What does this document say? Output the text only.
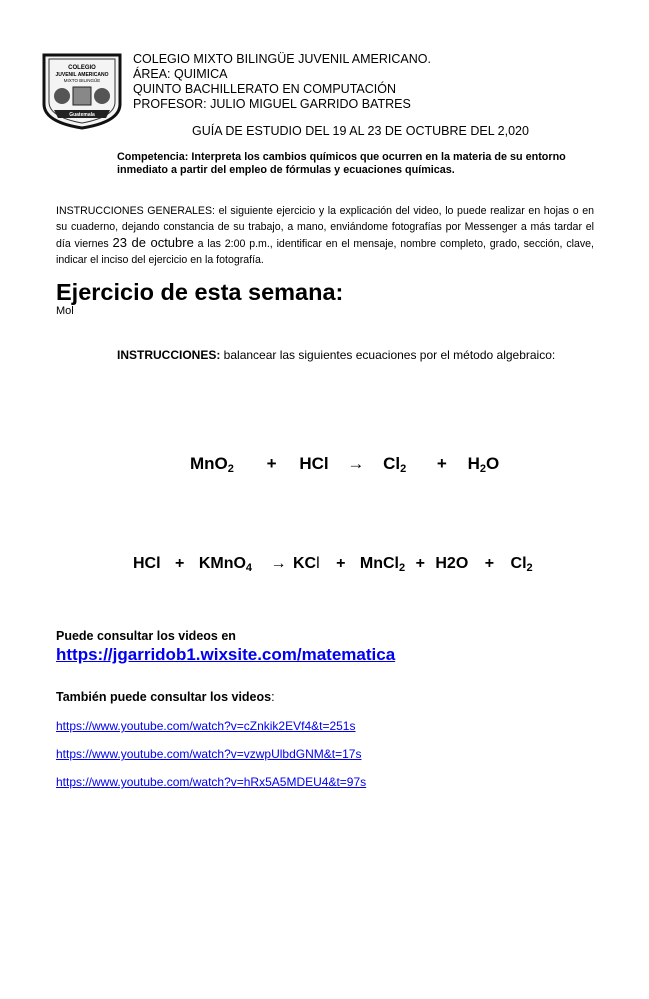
COLEGIO
JUVENIL AMERICANO
MIXTO BILINGÜE
Guatemala
COLEGIO MIXTO BILINGÜE JUVENIL AMERICANO.
ÁREA: QUIMICA
QUINTO BACHILLERATO EN COMPUTACIÓN
PROFESOR: JULIO MIGUEL GARRIDO BATRES
GUÍA DE ESTUDIO DEL 19 AL 23 DE OCTUBRE DEL 2,020
Competencia: Interpreta los cambios químicos que ocurren en la materia de su entorno inmediato a partir del empleo de fórmulas y ecuaciones químicas.
INSTRUCCIONES GENERALES: el siguiente ejercicio y la explicación del video, lo puede realizar en hojas o en su cuaderno, dejando constancia de su trabajo, a mano, enviándome fotografías por Messenger a más tardar el día viernes 23 de octubre a las 2:00 p.m., identificar en el mensaje, nombre completo, grado, sección, clave, indicar el inciso del ejercicio en la fotografía.
Ejercicio de esta semana:
Mol
INSTRUCCIONES: balancear las siguientes ecuaciones por el método algebraico:
MnO$_2$ + HCl → $Cl_2 + H_2O$
HCl + KMnO$_4$ → KCl + MnCl$_2$ + $H2O + Cl_2$
Puede consultar los videos en
https://jgarridob1.wixsite.com/matematica
También puede consultar los videos:
https://www.youtube.com/watch?v=cZnkik2EVf4&t=251s
https://www.youtube.com/watch?v=vzwpUlbdGNM&t=17s
https://www.youtube.com/watch?v=hRx5A5MDEU4&t=97s
